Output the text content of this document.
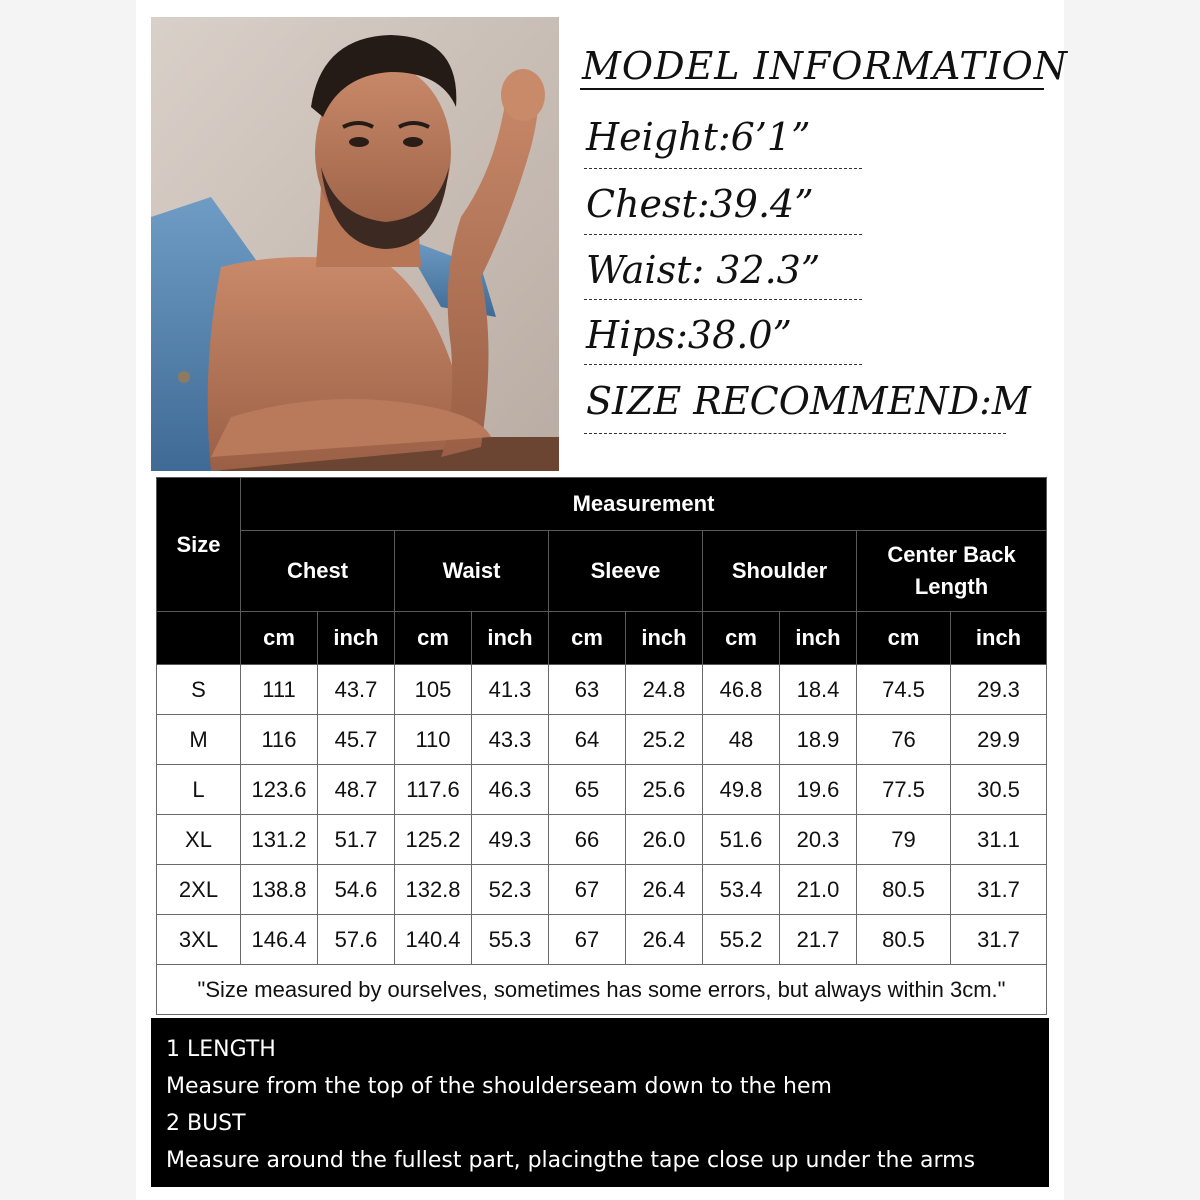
MODEL INFORMATION
Height:6’1”
Chest:39.4”
Waist: 32.3”
Hips:38.0”
SIZE RECOMMEND:M
Size	Measurement									
	Chest		Waist		Sleeve		Shoulder		Center Back Length	
	cm	inch	cm	inch	cm	inch	cm	inch	cm	inch
S	111	43.7	105	41.3	63	24.8	46.8	18.4	74.5	29.3
M	116	45.7	110	43.3	64	25.2	48	18.9	76	29.9
L	123.6	48.7	117.6	46.3	65	25.6	49.8	19.6	77.5	30.5
XL	131.2	51.7	125.2	49.3	66	26.0	51.6	20.3	79	31.1
2XL	138.8	54.6	132.8	52.3	67	26.4	53.4	21.0	80.5	31.7
3XL	146.4	57.6	140.4	55.3	67	26.4	55.2	21.7	80.5	31.7
"Size measured by ourselves, sometimes has some errors, but always within 3cm."										
1 LENGTH
Measure from the top of the shoulderseam down to the hem
2 BUST
Measure around the fullest part, placingthe tape close up under the arms
